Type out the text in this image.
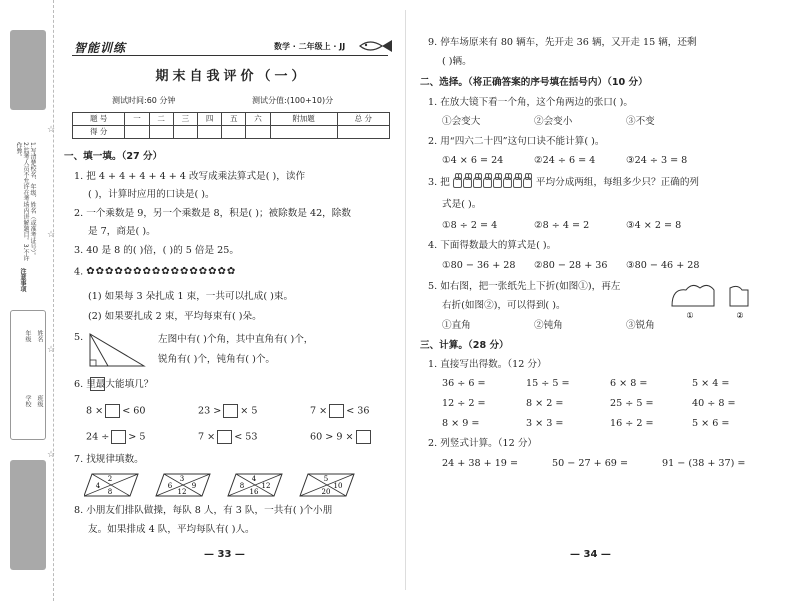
1.写清楚校名、年级、姓名（或准考证号）。2.监考人员不允许在考场内讲解题目。3.不许作弊。
注意事项
年级 姓名
学校 班级
☆
☆
☆
☆
智能训练	数学 · 二年级上 · JJ
期末自我评价（一）
测试时间:60 分钟	测试分值:(100+10)分
题 号	一	二	三	四	五	六	附加题	总 分
得 分								
一、填一填。（27 分）
1. 把 4 + 4 + 4 + 4 + 4 改写成乘法算式是( )，读作
( )，计算时应用的口诀是( )。
2. 一个乘数是 9，另一个乘数是 8，积是( )；被除数是 42，除数
是 7，商是( )。
3. 40 是 8 的( )倍，( )的 5 倍是 25。
4. ✿✿✿✿✿✿✿✿✿✿✿✿✿✿✿✿
(1) 如果每 3 朵扎成 1 束，一共可以扎成( )束。
(2) 如果要扎成 2 束，平均每束有( )朵。
5.	左图中有( )个角，其中直角有( )个，
锐角有( )个，钝角有( )个。
6. 里最大能填几？
8 × < 60	23 > × 5	7 × < 36
24 ÷ > 5	7 × < 53	60 > 9 ×
7. 找规律填数。
2
4
8
3
6	9
12
4
8 12
16
5
10
20
8. 小朋友们排队做操，每队 8 人，有 3 队，一共有( )个小朋
友。如果排成 4 队，平均每队有( )人。
— 33 —
9. 停车场原来有 80 辆车，先开走 36 辆，又开走 15 辆，还剩
( )辆。
二、选择。（将正确答案的序号填在括号内）（10 分）
1. 在放大镜下看一个角，这个角两边的张口( )。
①会变大	②会变小	③不变
2. 用“四六二十四”这句口诀不能计算( )。
①4 × 6 = 24	②24 ÷ 6 = 4	③24 ÷ 3 = 8
3. 把	平均分成两组，每组多少只？正确的列
式是( )。
①8 ÷ 2 = 4	②8 ÷ 4 = 2	③4 × 2 = 8
4. 下面得数最大的算式是( )。
①80 − 36 + 28 ②80 − 28 + 36 ③80 − 46 + 28
5. 如右图，把一张纸先上下折(如图①)，再左
右折(如图②)，可以得到( )。
①直角	②钝角	③锐角
①	②
三、计算。（28 分）
1. 直接写出得数。（12 分）
36 ÷ 6 =	15 ÷ 5 =	6 × 8 =	5 × 4 =
12 ÷ 2 =	8 × 2 =	25 ÷ 5 =	40 ÷ 8 =
8 × 9 =	3 × 3 =	16 ÷ 2 =	5 × 6 =
2. 列竖式计算。（12 分）
24 + 38 + 19 =	50 − 27 + 69 =	91 − (38 + 37) =
— 34 —
